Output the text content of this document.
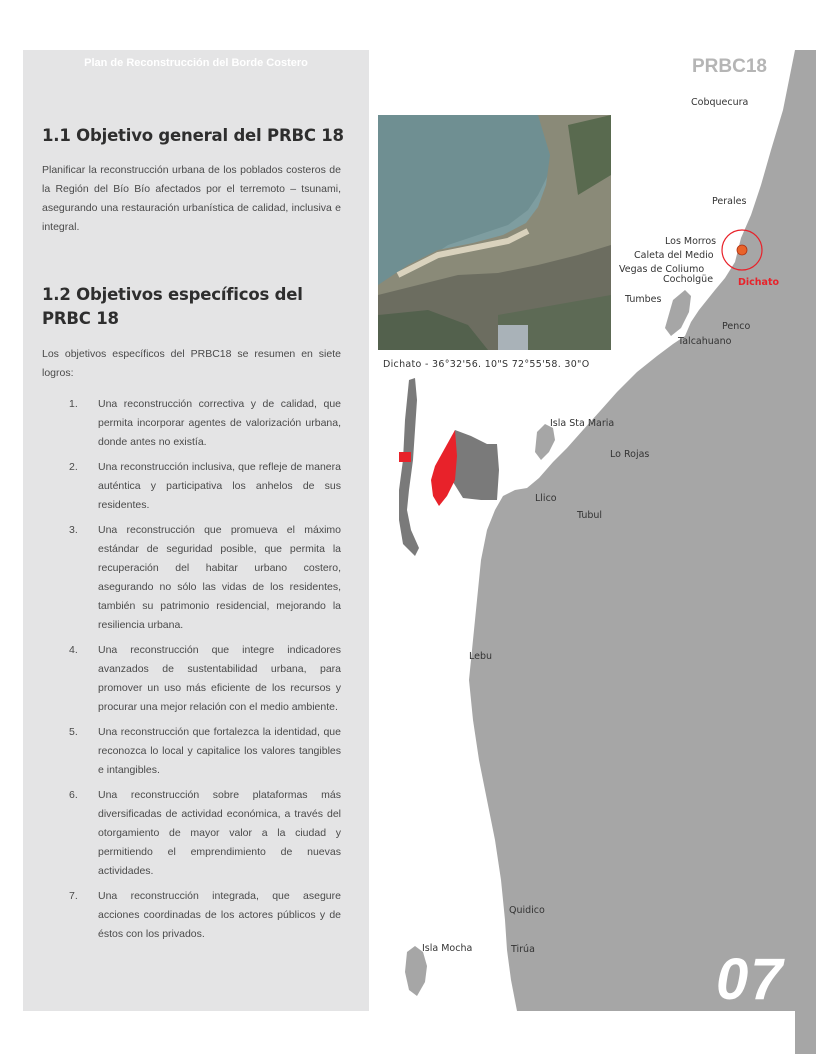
Plan de Reconstrucción del Borde Costero
1.1 Objetivo general del PRBC 18

Planificar la reconstrucción urbana de los poblados costeros de la Región del Bío Bío afectados por el terremoto – tsunami, asegurando una restauración urbanística de calidad, inclusiva e integral.

1.2 Objetivos específicos del PRBC 18

Los objetivos específicos del PRBC18 se resumen en siete logros:

1. Una reconstrucción correctiva y de calidad, que permita incorporar agentes de valorización urbana, donde antes no existía.
2. Una reconstrucción inclusiva, que refleje de manera auténtica y participativa los anhelos de sus residentes.
3. Una reconstrucción que promueva el máximo estándar de seguridad posible, que permita la recuperación del habitar urbano costero, asegurando no sólo las vidas de los residentes, también su patrimonio residencial, mejorando la resiliencia urbana.
4. Una reconstrucción que integre indicadores avanzados de sustentabilidad urbana, para promover un uso más eficiente de los recursos y procurar una mejor relación con el medio ambiente.
5. Una reconstrucción que fortalezca la identidad, que reconozca lo local y capitalice los valores tangibles e intangibles.
6. Una reconstrucción sobre plataformas más diversificadas de actividad económica, a través del otorgamiento de mayor valor a la ciudad y permitiendo el emprendimiento de nuevas actividades.
7. Una reconstrucción integrada, que asegure acciones coordinadas de los actores públicos y de éstos con los privados.
Dichato - 36°32'56. 10"S 72°55'58. 30"O
PRBC18
07
Cobquecura
Perales
Los Morros
Caleta del Medio
Vegas de Coliumo
Cocholgüe	Dichato
Tumbes
Penco
Talcahuano
Isla Sta Maria
Lo Rojas
Llico
Tubul
Lebu
Quidico
Isla Mocha	Tirúa
